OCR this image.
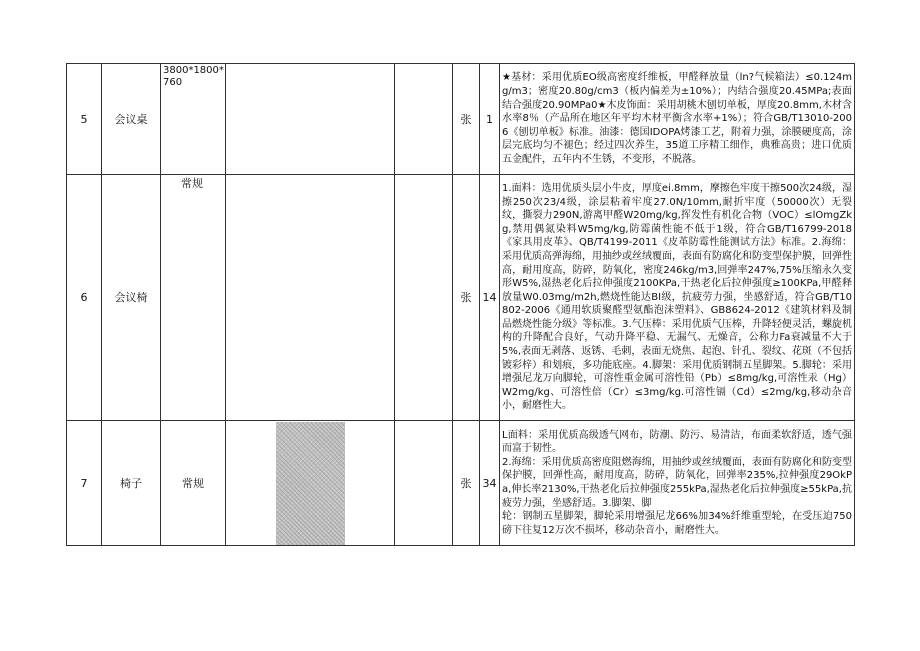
5	会议桌	3800*1800*760			张	1	★基材：采用优质EO级高密度纤维板，甲醛释放量（ln?气候箱法）≤0.124mg/m3；密度20.80g∕cm3（板内偏差为±10%）；内结合强度20.45MPa;表面结合强度20.90MPa0★木皮饰面：采用胡桃木刨切单板，厚度20.8mm,木材含水率8％（产品所在地区年平均木材平衡含水率+1%）；符合GB/T13010-2006《刨切单板》标准。油漆：德国IDOPA烤漆工艺，附着力强，涂膜硬度高，涂层完底均匀不褪色；经过四次养生，35道工序精工细作，典雅高贵；进口优质五金配件，五年内不生锈，不变形，不脱落。

6	会议椅	常规			张	14	1.面料：选用优质头层小牛皮，厚度ei.8mm，摩擦色牢度干擦500次24级，湿擦250次23/4级，涂层粘着牢度27.0N/10mm,耐折牢度（50000次）无裂纹，撕裂力290N,游离甲醛W20mg∕kg,挥发性有机化合物（VOC）≤lOmgZkg,禁用偶氮染料W5mg/kg,防霉菌性能不低于1级，符合GB/T16799-2018《家具用皮革》、QB/T4199-2011《皮革防霉性能测试方法》标准。2.海绵：采用优质高弹海绵，用抽纱或丝绒覆面，表面有防腐化和防变型保护膜，回弹性高，耐用度高，防碎，防氧化，密度246kg∕m3,回弹率247%,75%压缩永久变形W5%,湿热老化后拉伸强度2100KPa,干热老化后拉伸强度≥100KPa,甲醛释放量W0.03mg∕m2h,燃烧性能达BI级，抗疲劳力强，坐感舒适，符合GB/T10802-2006《通用软质聚醛型氨酯泡沫塑料》、GB8624-2012《建筑材料及制品燃烧性能分级》等标准。3.气压棒：采用优质气压棒，升降轻便灵活，螺旋机构的升降配合良好，气动升降平稳、无漏气、无燥音，公称力Fa衰减量不大于5%,表面无剥落、返锈、毛刺，表面无烧焦、起泡、针孔、裂纹、花斑（不包括镀彩梓）和划痕，多功能底座。4.脚架：采用优质钢制五星脚架。5.脚轮：采用增强尼龙万向脚轮，可溶性重金属可溶性铅（Pb）≤8mg∕kg,可溶性汞（Hg）W2mg∕kg、可溶性倍（Cr）≤3mg∕kg.可溶性镉（Cd）≤2mg∕kg,移动杂音小，耐磨性大。

7	椅子	常规			张	34	L面料：采用优质高级透气网布，防潮、防污、易清洁，布面柔软舒适，透气强而富于韧性。
2.海绵：采用优质高密度阻燃海绵，用抽纱或丝绒覆面，表面有防腐化和防变型保护膜，回弹性高，耐用度高，防碎，防氧化，回弹率235%,拉伸强度29OkPa,伸长率2130%,干热老化后拉伸强度255kPa,湿热老化后拉伸强度≥55kPa,抗疲劳力强，坐感舒适。3.脚架、脚
轮：钢制五星脚架，脚轮采用增强尼龙66%加34%纤维重型轮，在受压迫750磅下往复12万次不损坏，移动杂音小，耐磨性大。
